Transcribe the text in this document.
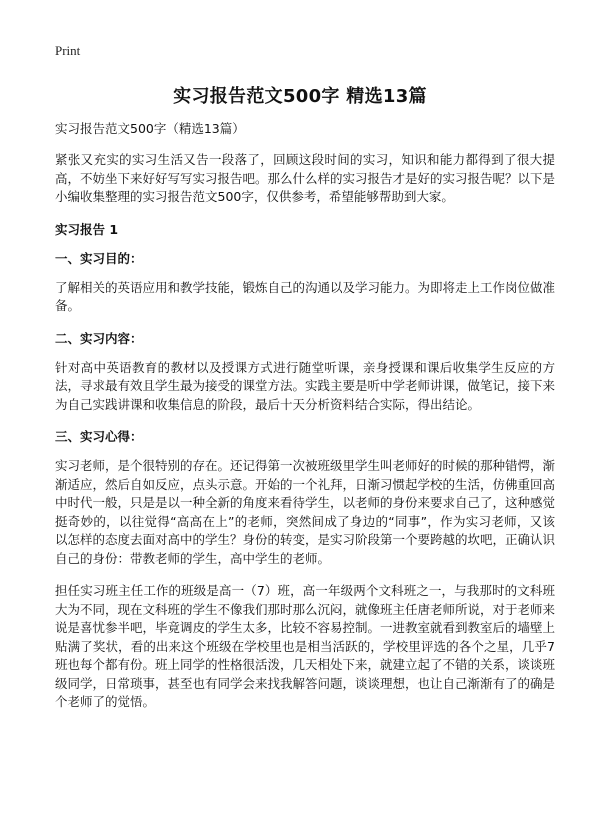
Print
实习报告范文500字 精选13篇
实习报告范文500字（精选13篇）

紧张又充实的实习生活又告一段落了，回顾这段时间的实习，知识和能力都得到了很大提高，不妨坐下来好好写写实习报告吧。那么什么样的实习报告才是好的实习报告呢？以下是小编收集整理的实习报告范文500字，仅供参考，希望能够帮助到大家。

实习报告 1
一、实习目的：

了解相关的英语应用和教学技能，锻炼自己的沟通以及学习能力。为即将走上工作岗位做准备。

二、实习内容：

针对高中英语教育的教材以及授课方式进行随堂听课，亲身授课和课后收集学生反应的方法，寻求最有效且学生最为接受的课堂方法。实践主要是听中学老师讲课，做笔记，接下来为自己实践讲课和收集信息的阶段，最后十天分析资料结合实际，得出结论。

三、实习心得：

实习老师，是个很特别的存在。还记得第一次被班级里学生叫老师好的时候的那种错愕，渐渐适应，然后自如反应，点头示意。开始的一个礼拜，日渐习惯起学校的生活，仿佛重回高中时代一般，只是是以一种全新的角度来看待学生，以老师的身份来要求自己了，这种感觉挺奇妙的，以往觉得“高高在上”的老师，突然间成了身边的“同事”，作为实习老师，又该以怎样的态度去面对高中的学生？身份的转变，是实习阶段第一个要跨越的坎吧，正确认识自己的身份：带教老师的学生，高中学生的老师。

担任实习班主任工作的班级是高一（7）班，高一年级两个文科班之一，与我那时的文科班大为不同，现在文科班的学生不像我们那时那么沉闷，就像班主任唐老师所说，对于老师来说是喜忧参半吧，毕竟调皮的学生太多，比较不容易控制。一进教室就看到教室后的墙壁上贴满了奖状，看的出来这个班级在学校里也是相当活跃的，学校里评选的各个之星，几乎7班也每个都有份。班上同学的性格很活泼，几天相处下来，就建立起了不错的关系，谈谈班级同学，日常琐事，甚至也有同学会来找我解答问题，谈谈理想，也让自己渐渐有了的确是个老师了的觉悟。
